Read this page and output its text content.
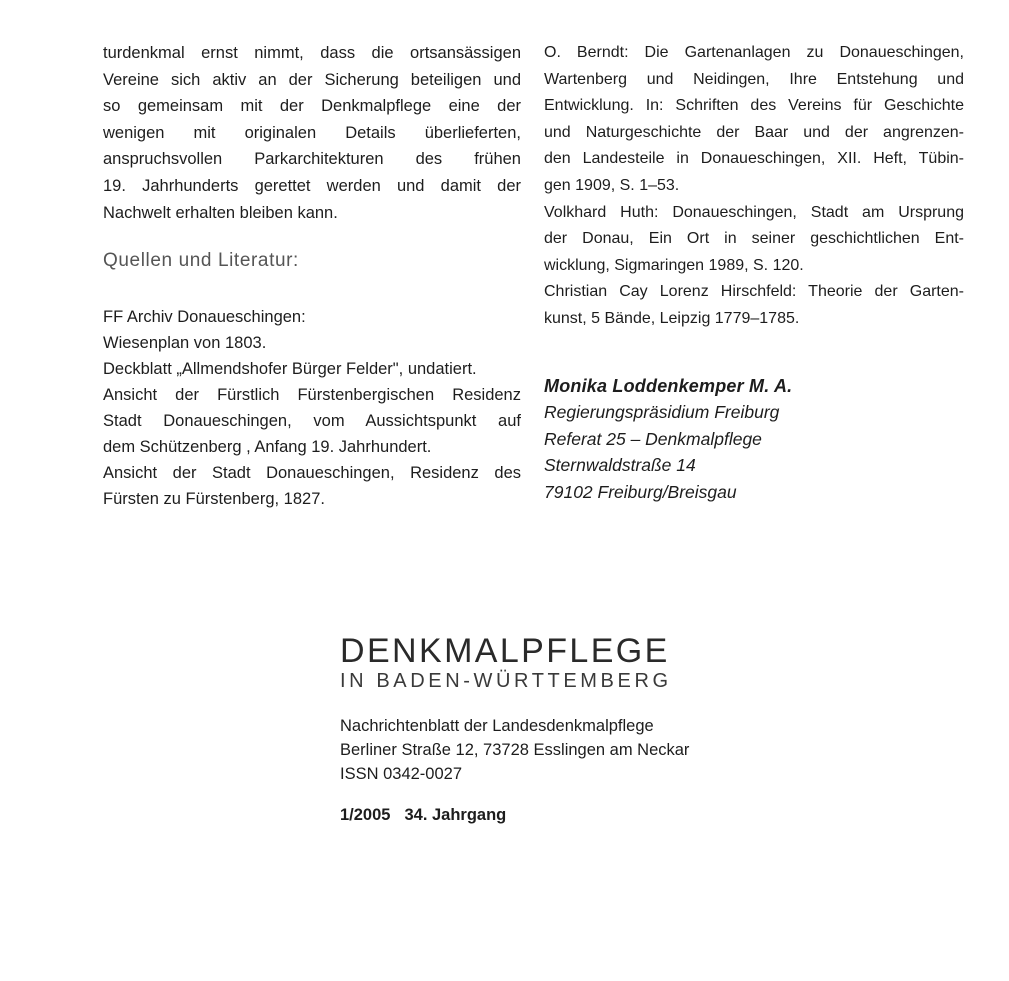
turdenkmal ernst nimmt, dass die ortsansässigen
Vereine sich aktiv an der Sicherung beteiligen und
so gemeinsam mit der Denkmalpflege eine der
wenigen mit originalen Details überlieferten,
anspruchsvollen Parkarchitekturen des frühen
19. Jahrhunderts gerettet werden und damit der
Nachwelt erhalten bleiben kann.

Quellen und Literatur:
FF Archiv Donaueschingen:
Wiesenplan von 1803.
Deckblatt „Allmendshofer Bürger Felder", undatiert.
Ansicht der Fürstlich Fürstenbergischen Residenz
Stadt Donaueschingen, vom Aussichtspunkt auf
dem Schützenberg , Anfang 19. Jahrhundert.
Ansicht der Stadt Donaueschingen, Residenz des
Fürsten zu Fürstenberg, 1827.
O. Berndt: Die Gartenanlagen zu Donaueschingen,
Wartenberg und Neidingen, Ihre Entstehung und
Entwicklung. In: Schriften des Vereins für Geschichte
und Naturgeschichte der Baar und der angrenzen-
den Landesteile in Donaueschingen, XII. Heft, Tübin-
gen 1909, S. 1–53.
Volkhard Huth: Donaueschingen, Stadt am Ursprung
der Donau, Ein Ort in seiner geschichtlichen Ent-
wicklung, Sigmaringen 1989, S. 120.
Christian Cay Lorenz Hirschfeld: Theorie der Garten-
kunst, 5 Bände, Leipzig 1779–1785.
Monika Loddenkemper M. A.
Regierungspräsidium Freiburg
Referat 25 – Denkmalpflege
Sternwaldstraße 14
79102 Freiburg/Breisgau
DENKMALPFLEGE
IN BADEN-WÜRTTEMBERG
Nachrichtenblatt der Landesdenkmalpflege
Berliner Straße 12, 73728 Esslingen am Neckar
ISSN 0342-0027
1/2005 34. Jahrgang
